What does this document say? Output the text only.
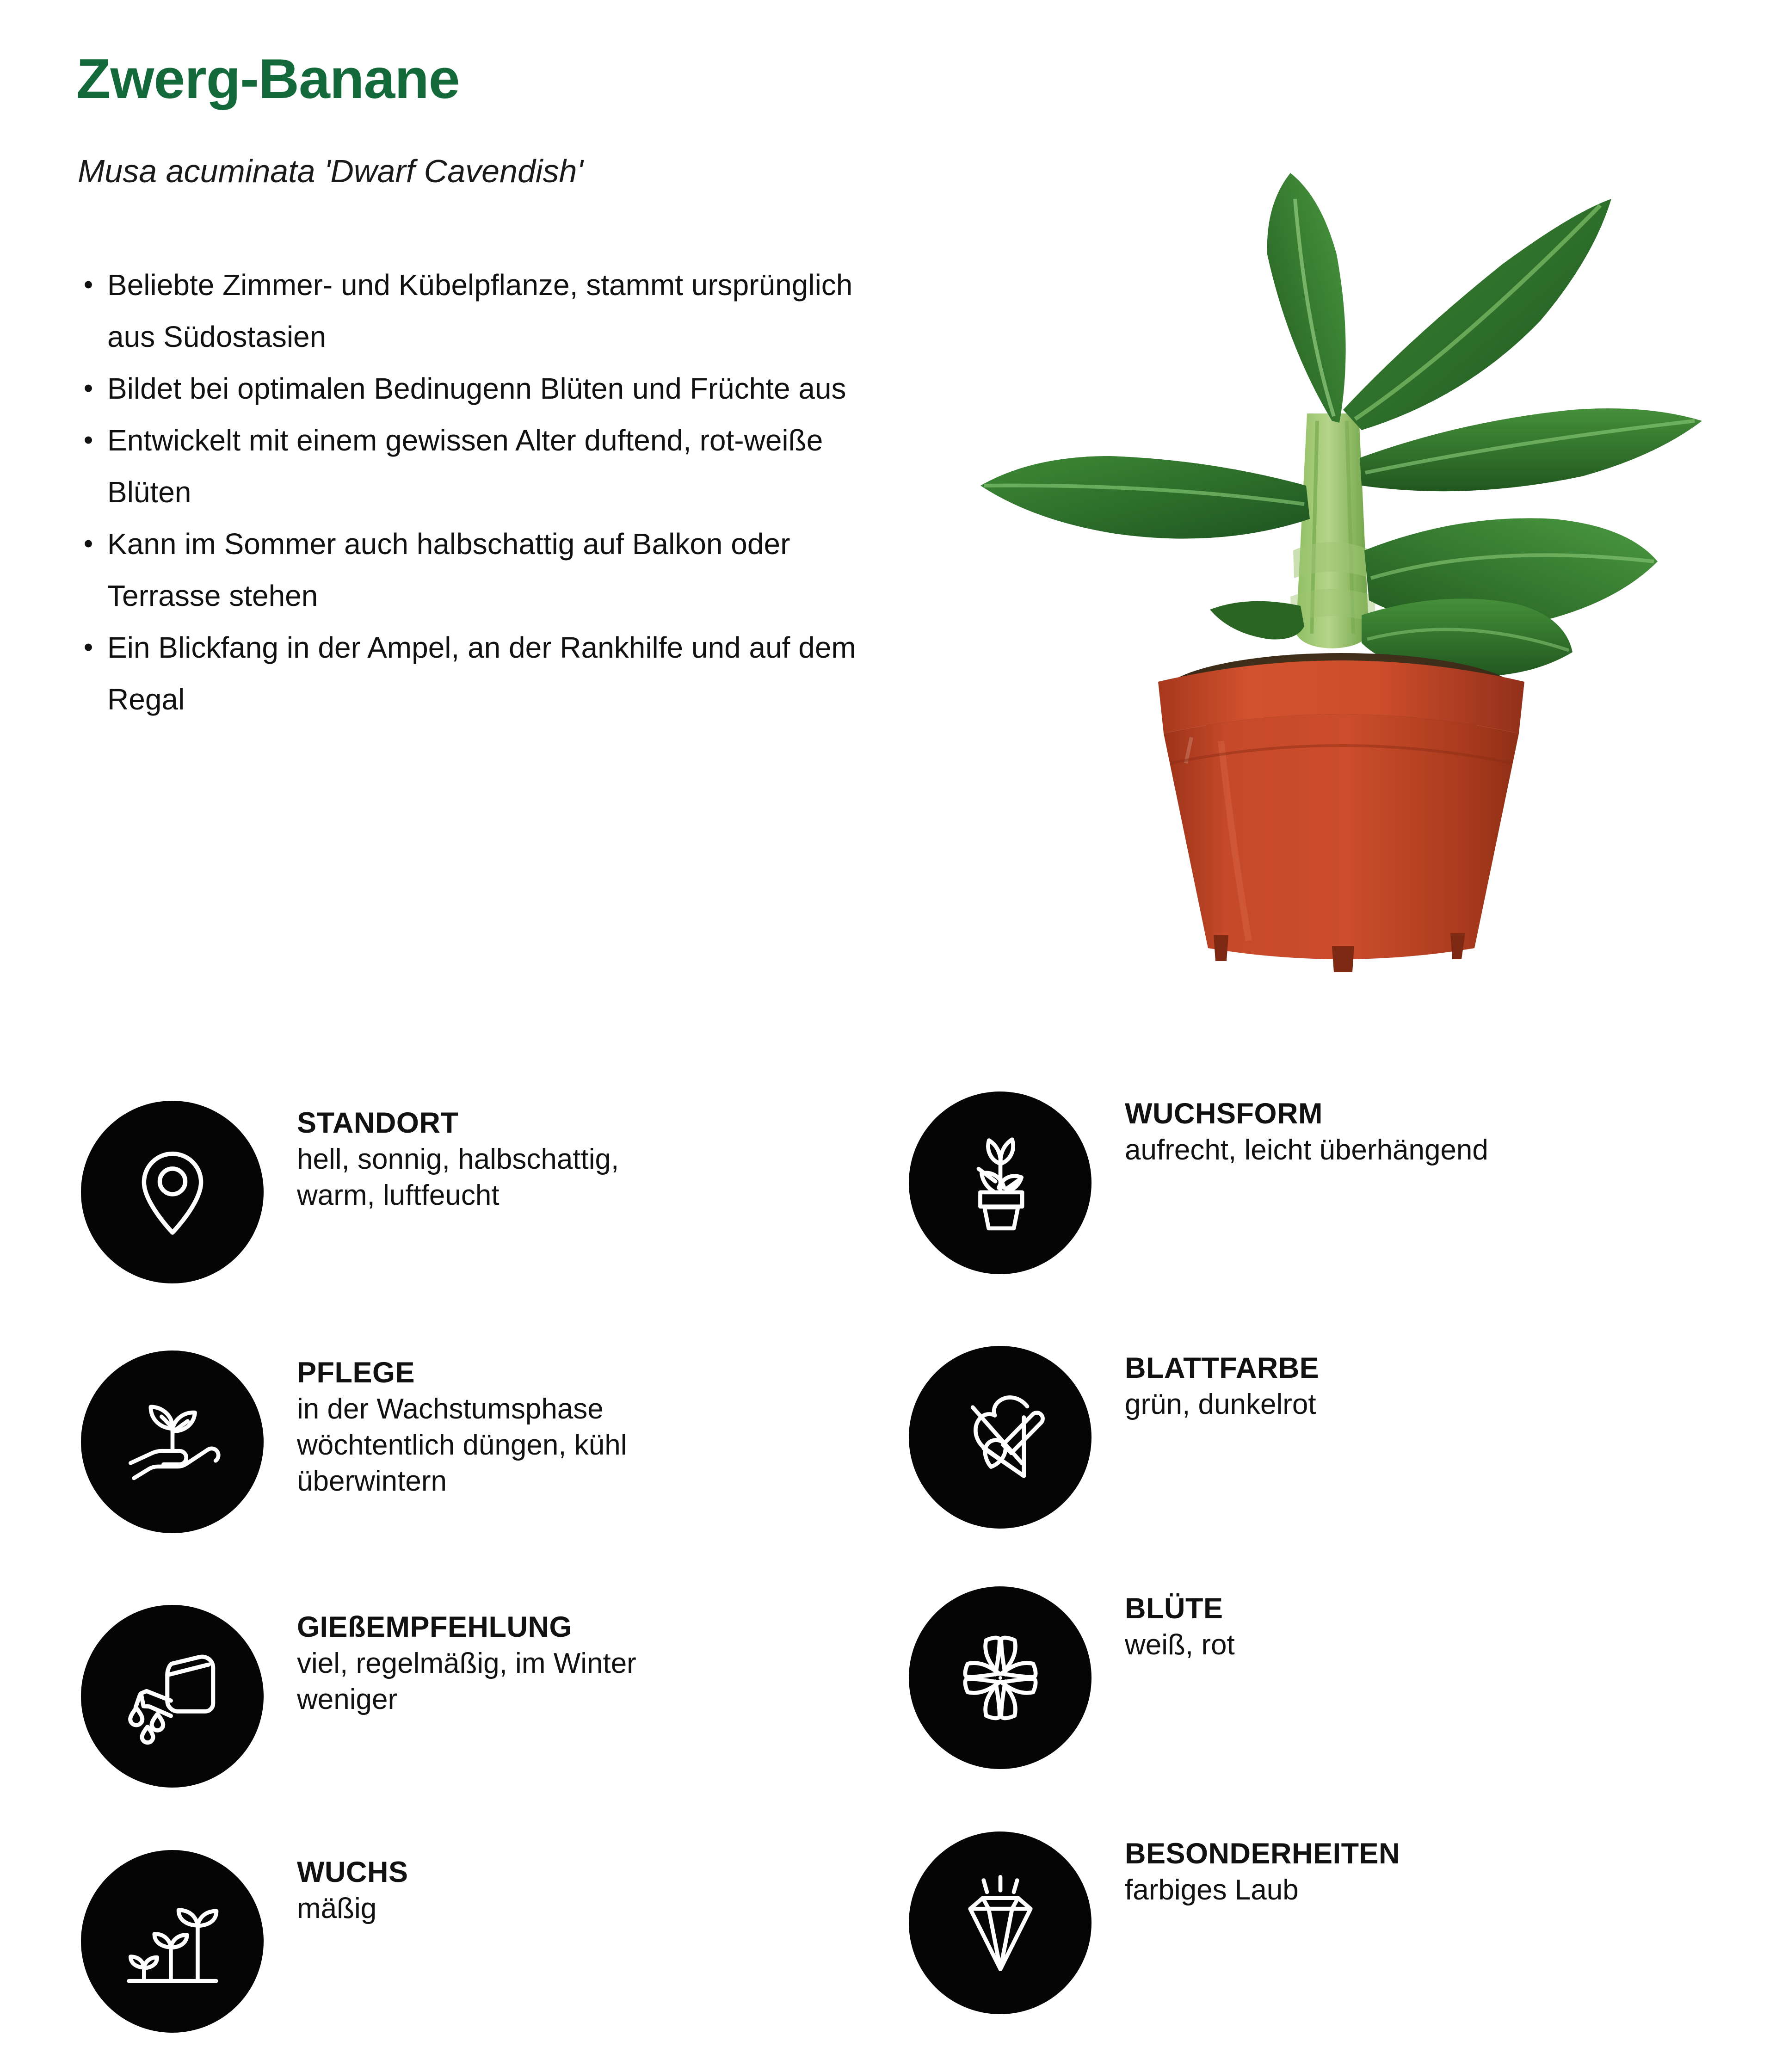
Zwerg-Banane
Musa acuminata 'Dwarf Cavendish'
• Beliebte Zimmer- und Kübelpflanze, stammt ursprünglich aus Südostasien
• Bildet bei optimalen Bedinugenn Blüten und Früchte aus
• Entwickelt mit einem gewissen Alter duftend, rot-weiße Blüten
• Kann im Sommer auch halbschattig auf Balkon oder Terrasse stehen
• Ein Blickfang in der Ampel, an der Rankhilfe und auf dem Regal
STANDORT
hell, sonnig, halbschattig,
warm, luftfeucht
PFLEGE
in der Wachstumsphase
wöchtentlich düngen, kühl
überwintern
GIEßEMPFEHLUNG
viel, regelmäßig, im Winter
weniger
WUCHS
mäßig
WUCHSFORM
aufrecht, leicht überhängend
BLATTFARBE
grün, dunkelrot
BLÜTE
weiß, rot
BESONDERHEITEN
farbiges Laub
